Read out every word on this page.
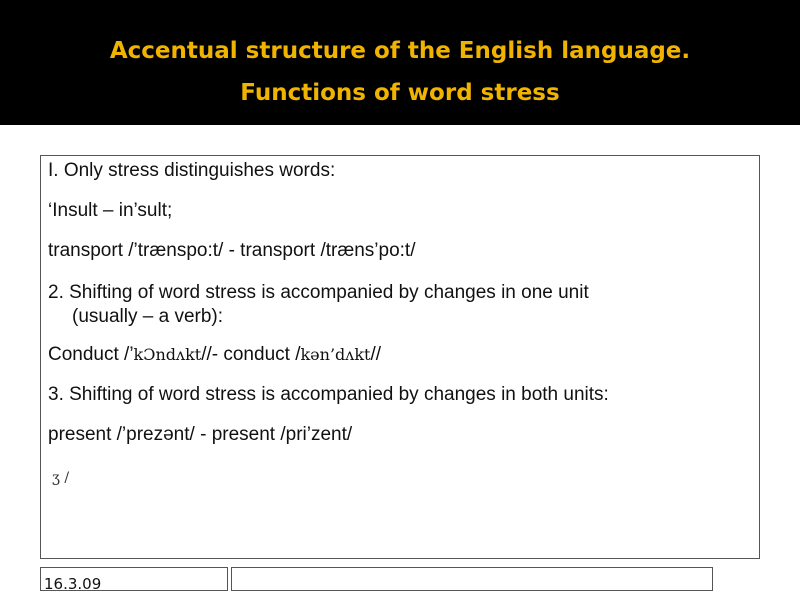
Accentual structure of the English language.
Functions of word stress
I. Only stress distinguishes words:
‘Insult – in’sult;
transport /’trænspo:t/ - transport /træns’po:t/
2. Shifting of word stress is accompanied by changes in one unit
(usually – a verb):
Conduct /’kƆndʌkt//- conduct /kən’dʌkt//
3. Shifting of word stress is accompanied by changes in both units:
present /’prezənt/ - present /pri’zent/
ʒ /
16.3.09
